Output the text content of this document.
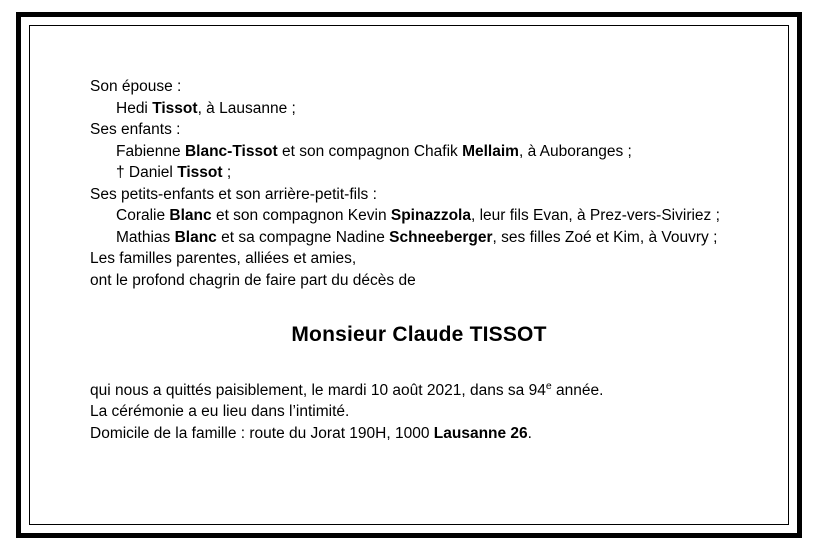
Son épouse :
Hedi Tissot, à Lausanne ;
Ses enfants :
Fabienne Blanc-Tissot et son compagnon Chafik Mellaim, à Auboranges ;
† Daniel Tissot ;
Ses petits-enfants et son arrière-petit-fils :
Coralie Blanc et son compagnon Kevin Spinazzola, leur fils Evan, à Prez-vers-Siviriez ;
Mathias Blanc et sa compagne Nadine Schneeberger, ses filles Zoé et Kim, à Vouvry ;
Les familles parentes, alliées et amies,
ont le profond chagrin de faire part du décès de
Monsieur Claude TISSOT
qui nous a quittés paisiblement, le mardi 10 août 2021, dans sa 94e année.
La cérémonie a eu lieu dans l’intimité.
Domicile de la famille : route du Jorat 190H, 1000 Lausanne 26.
